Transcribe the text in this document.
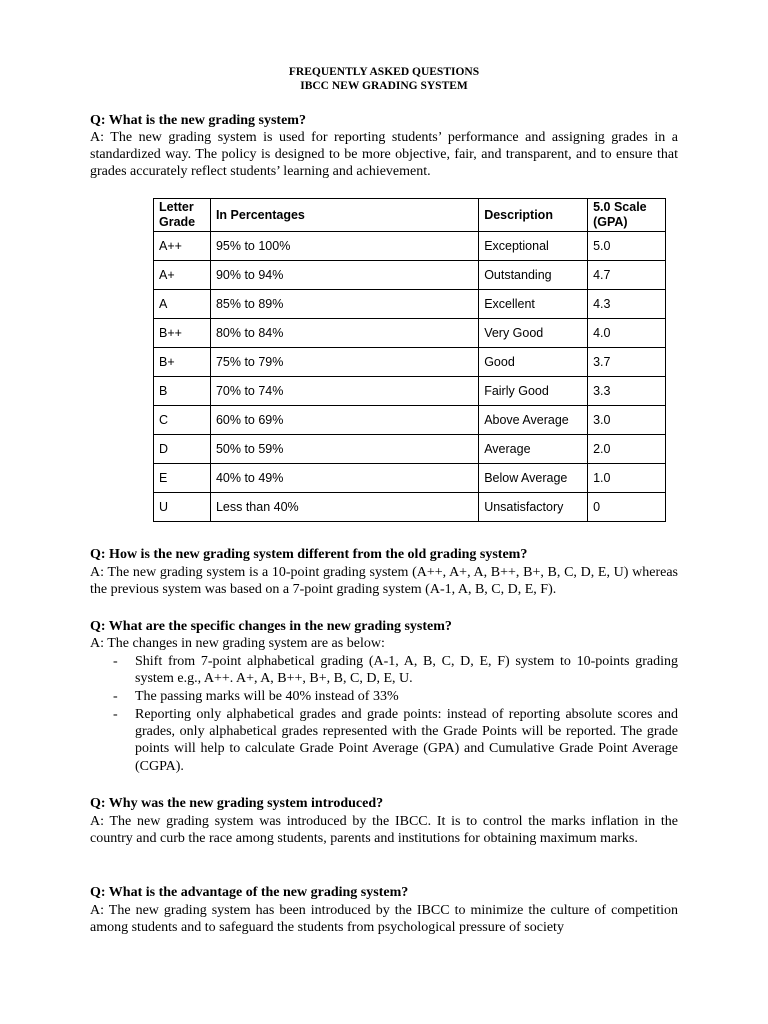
FREQUENTLY ASKED QUESTIONS
IBCC NEW GRADING SYSTEM
Q: What is the new grading system?
A: The new grading system is used for reporting students’ performance and assigning grades in a standardized way. The policy is designed to be more objective, fair, and transparent, and to ensure that grades accurately reflect students’ learning and achievement.
Letter
Grade	In Percentages	Description	5.0 Scale
(GPA)
A++	95% to 100%	Exceptional	5.0
A+	90% to 94%	Outstanding	4.7
A	85% to 89%	Excellent	4.3
B++	80% to 84%	Very Good	4.0
B+	75% to 79%	Good	3.7
B	70% to 74%	Fairly Good	3.3
C	60% to 69%	Above Average	3.0
D	50% to 59%	Average	2.0
E	40% to 49%	Below Average	1.0
U	Less than 40%	Unsatisfactory	0
Q: How is the new grading system different from the old grading system?
A: The new grading system is a 10-point grading system (A++, A+, A, B++, B+, B, C, D, E, U) whereas the previous system was based on a 7-point grading system (A-1, A, B, C, D, E, F).
Q: What are the specific changes in the new grading system?
A: The changes in new grading system are as below:
- Shift from 7-point alphabetical grading (A-1, A, B, C, D, E, F) system to 10-points grading system e.g., A++. A+, A, B++, B+, B, C, D, E, U.
- The passing marks will be 40% instead of 33%
- Reporting only alphabetical grades and grade points: instead of reporting absolute scores and grades, only alphabetical grades represented with the Grade Points will be reported. The grade points will help to calculate Grade Point Average (GPA) and Cumulative Grade Point Average (CGPA).
Q: Why was the new grading system introduced?
A: The new grading system was introduced by the IBCC. It is to control the marks inflation in the country and curb the race among students, parents and institutions for obtaining maximum marks.
Q: What is the advantage of the new grading system?
A: The new grading system has been introduced by the IBCC to minimize the culture of competition among students and to safeguard the students from psychological pressure of society
